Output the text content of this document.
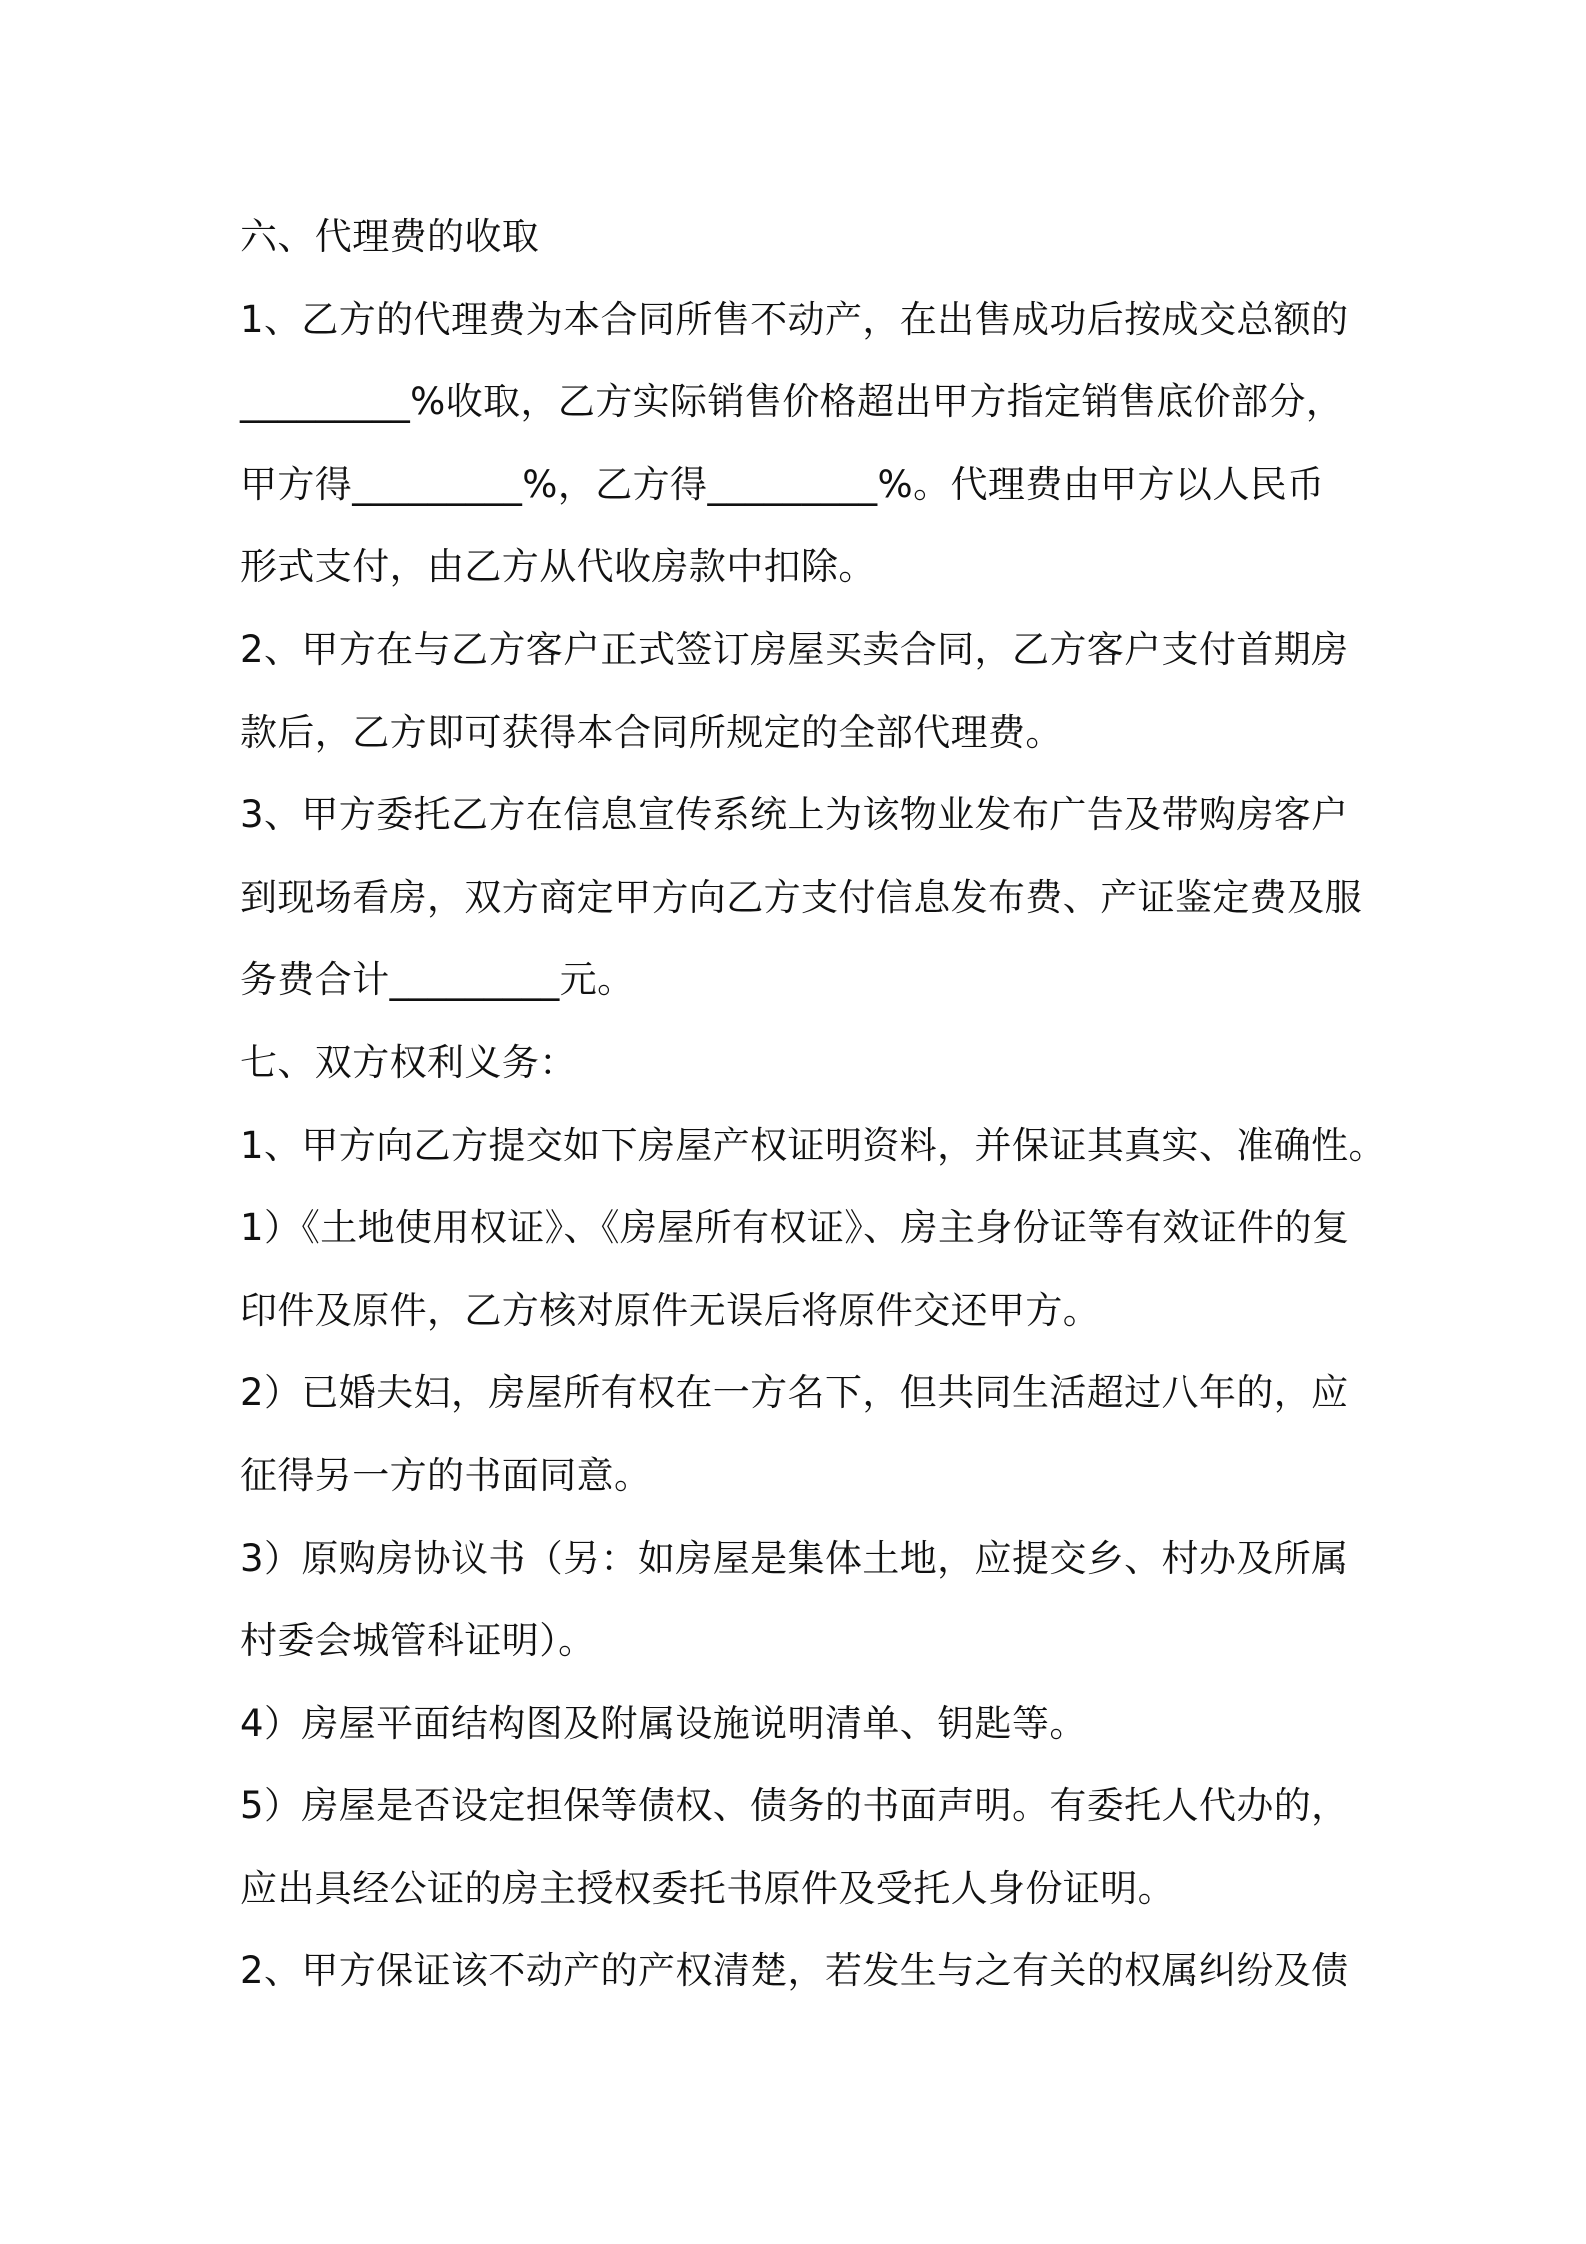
六、代理费的收取
1、乙方的代理费为本合同所售不动产，在出售成功后按成交总额的
_________%收取，乙方实际销售价格超出甲方指定销售底价部分，
甲方得_________%，乙方得_________%。代理费由甲方以人民币
形式支付，由乙方从代收房款中扣除。
2、甲方在与乙方客户正式签订房屋买卖合同，乙方客户支付首期房
款后，乙方即可获得本合同所规定的全部代理费。
3、甲方委托乙方在信息宣传系统上为该物业发布广告及带购房客户
到现场看房，双方商定甲方向乙方支付信息发布费、产证鉴定费及服
务费合计_________元。
七、双方权利义务：
1、甲方向乙方提交如下房屋产权证明资料，并保证其真实、准确性。
1）《土地使用权证》、《房屋所有权证》、房主身份证等有效证件的复
印件及原件，乙方核对原件无误后将原件交还甲方。
2）已婚夫妇，房屋所有权在一方名下，但共同生活超过八年的，应
征得另一方的书面同意。
3）原购房协议书（另：如房屋是集体土地，应提交乡、村办及所属
村委会城管科证明）。
4）房屋平面结构图及附属设施说明清单、钥匙等。
5）房屋是否设定担保等债权、债务的书面声明。有委托人代办的，
应出具经公证的房主授权委托书原件及受托人身份证明。
2、甲方保证该不动产的产权清楚，若发生与之有关的权属纠纷及债
